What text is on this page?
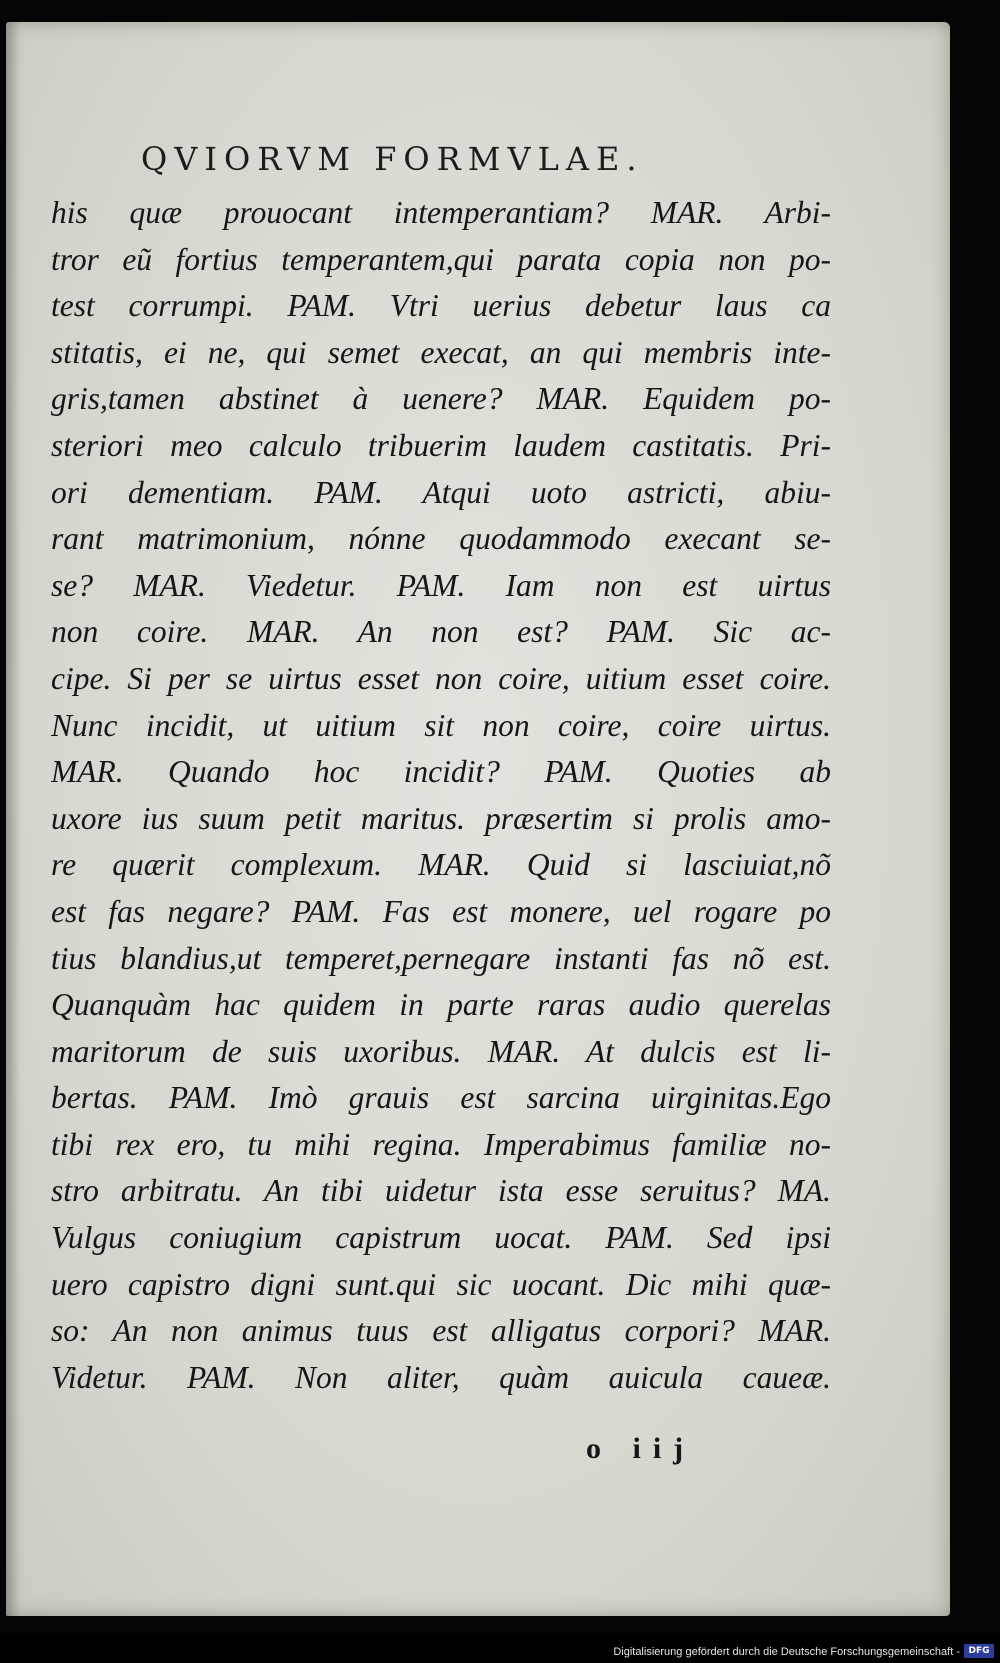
QVIORVM FORMVLAE.
his quæ prouocant intemperantiam? MAR. Arbi-
tror eũ fortius temperantem,qui parata copia non po-
test corrumpi. PAM. Vtri uerius debetur laus ca
stitatis, ei ne, qui semet execat, an qui membris inte-
gris,tamen abstinet à uenere? MAR. Equidem po-
steriori meo calculo tribuerim laudem castitatis. Pri-
ori dementiam. PAM. Atqui uoto astricti, abiu-
rant matrimonium, nónne quodammodo execant se-
se? MAR. Viedetur. PAM. Iam non est uirtus
non coire. MAR. An non est? PAM. Sic ac-
cipe. Si per se uirtus esset non coire, uitium esset coire.
Nunc incidit, ut uitium sit non coire, coire uirtus.
MAR. Quando hoc incidit? PAM. Quoties ab
uxore ius suum petit maritus. præsertim si prolis amo-
re quærit complexum. MAR. Quid si lasciuiat,nõ
est fas negare? PAM. Fas est monere, uel rogare po
tius blandius,ut temperet,pernegare instanti fas nõ est.
Quanquàm hac quidem in parte raras audio querelas
maritorum de suis uxoribus. MAR. At dulcis est li-
bertas. PAM. Imò grauis est sarcina uirginitas.Ego
tibi rex ero, tu mihi regina. Imperabimus familiæ no-
stro arbitratu. An tibi uidetur ista esse seruitus? MA.
Vulgus coniugium capistrum uocat. PAM. Sed ipsi
uero capistro digni sunt.qui sic uocant. Dic mihi quæ-
so: An non animus tuus est alligatus corpori? MAR.
Videtur. PAM. Non aliter, quàm auicula caueæ.
o iij
Digitalisierung gefördert durch die Deutsche Forschungsgemeinschaft - DFG
